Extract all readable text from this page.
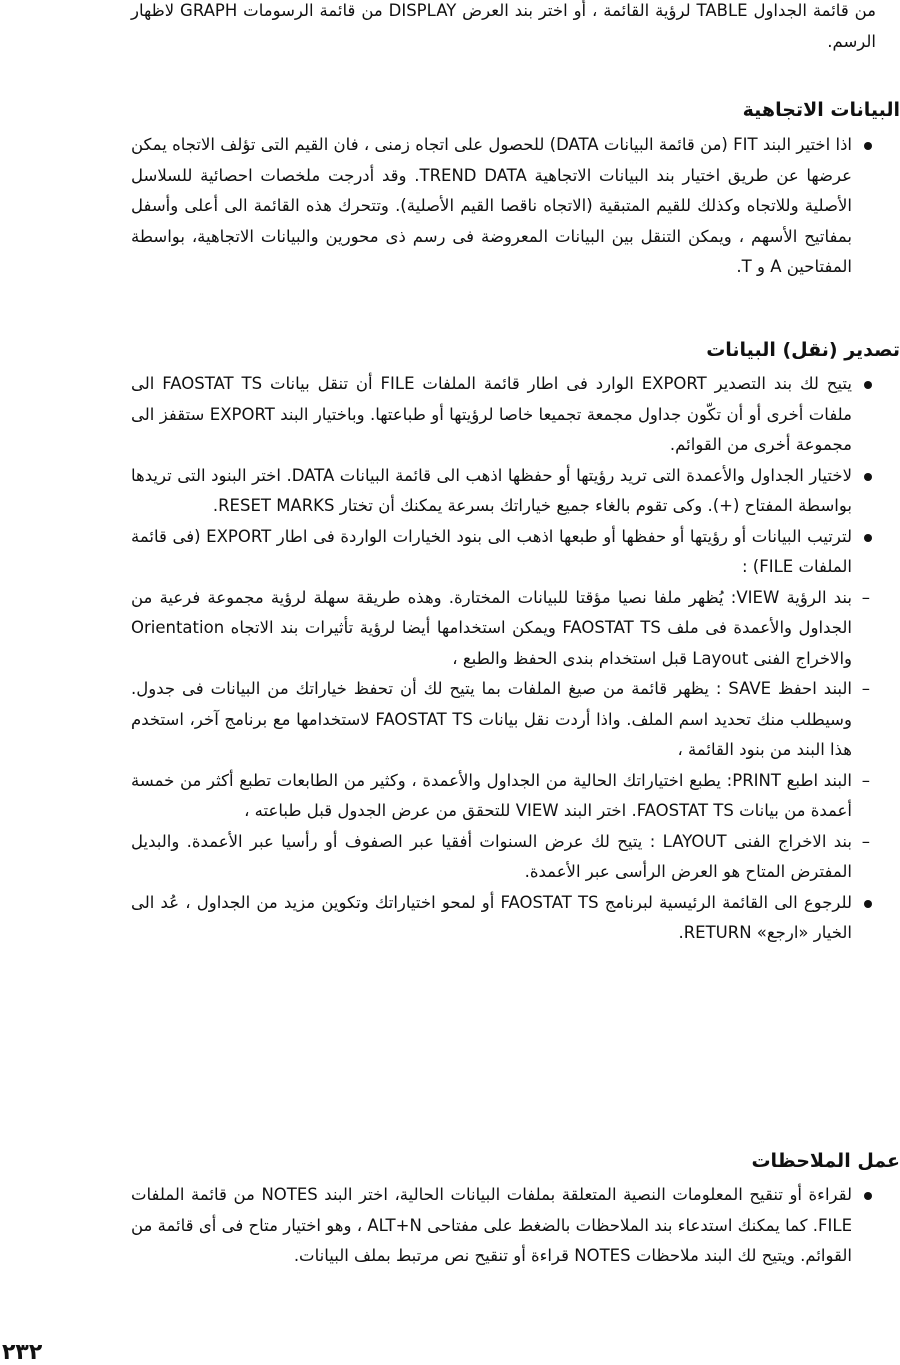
من قائمة الجداول TABLE لرؤية القائمة ، أو اختر بند العرض DISPLAY من قائمة الرسومات GRAPH لاظهار الرسم.
البيانات الاتجاهية
اذا اختير البند FIT (من قائمة البيانات DATA) للحصول على اتجاه زمنى ، فان القيم التى تؤلف الاتجاه يمكن عرضها عن طريق اختيار بند البيانات الاتجاهية TREND DATA. وقد أدرجت ملخصات احصائية للسلاسل الأصلية وللاتجاه وكذلك للقيم المتبقية (الاتجاه ناقصا القيم الأصلية). وتتحرك هذه القائمة الى أعلى وأسفل بمفاتيح الأسهم ، ويمكن التنقل بين البيانات المعروضة فى رسم ذى محورين والبيانات الاتجاهية، بواسطة المفتاحين A و T.
تصدير (نقل) البيانات
يتيح لك بند التصدير EXPORT الوارد فى اطار قائمة الملفات FILE أن تنقل بيانات FAOSTAT TS الى ملفات أخرى أو أن تكّون جداول مجمعة تجميعا خاصا لرؤيتها أو طباعتها. وباختيار البند EXPORT ستقفز الى مجموعة أخرى من القوائم.
لاختيار الجداول والأعمدة التى تريد رؤيتها أو حفظها اذهب الى قائمة البيانات DATA. اختر البنود التى تريدها بواسطة المفتاح (+). وكى تقوم بالغاء جميع خياراتك بسرعة يمكنك أن تختار RESET MARKS.
لترتيب البيانات أو رؤيتها أو حفظها أو طبعها اذهب الى بنود الخيارات الواردة فى اطار EXPORT (فى قائمة الملفات FILE) :
– بند الرؤية VIEW: يُظهر ملفا نصيا مؤقتا للبيانات المختارة. وهذه طريقة سهلة لرؤية مجموعة فرعية من الجداول والأعمدة فى ملف FAOSTAT TS ويمكن استخدامها أيضا لرؤية تأثيرات بند الاتجاه Orientation والاخراج الفنى Layout قبل استخدام بندى الحفظ والطبع ،
– البند احفظ SAVE : يظهر قائمة من صيغ الملفات بما يتيح لك أن تحفظ خياراتك من البيانات فى جدول. وسيطلب منك تحديد اسم الملف. واذا أردت نقل بيانات FAOSTAT TS لاستخدامها مع برنامج آخر، استخدم هذا البند من بنود القائمة ،
– البند اطبع PRINT: يطبع اختياراتك الحالية من الجداول والأعمدة ، وكثير من الطابعات تطبع أكثر من خمسة أعمدة من بيانات FAOSTAT TS. اختر البند VIEW للتحقق من عرض الجدول قبل طباعته ،
– بند الاخراج الفنى LAYOUT : يتيح لك عرض السنوات أفقيا عبر الصفوف أو رأسيا عبر الأعمدة. والبديل المفترض المتاح هو العرض الرأسى عبر الأعمدة.
للرجوع الى القائمة الرئيسية لبرنامج FAOSTAT TS أو لمحو اختياراتك وتكوين مزيد من الجداول ، عُد الى الخيار «ارجع» RETURN.
عمل الملاحظات
لقراءة أو تنقيح المعلومات النصية المتعلقة بملفات البيانات الحالية، اختر البند NOTES من قائمة الملفات FILE. كما يمكنك استدعاء بند الملاحظات بالضغط على مفتاحى ALT+N ، وهو اختيار متاح فى أى قائمة من القوائم. ويتيح لك البند ملاحظات NOTES قراءة أو تنقيح نص مرتبط بملف البيانات.
٢٣٢
